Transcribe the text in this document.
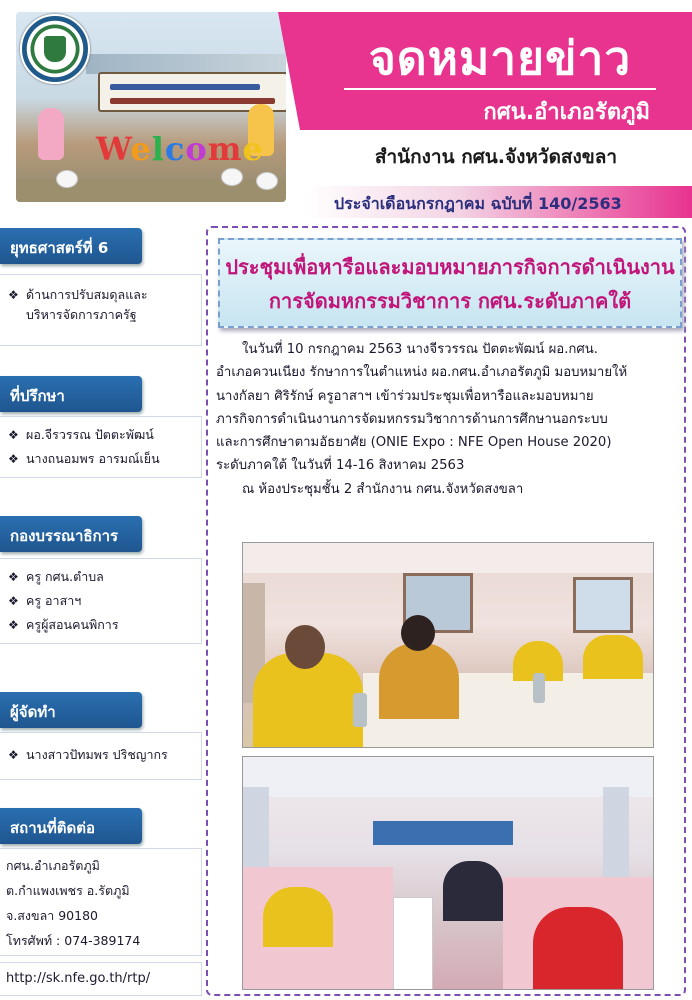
Welcome
จดหมายข่าว
กศน.อำเภอรัตภูมิ
สำนักงาน กศน.จังหวัดสงขลา
ประจำเดือนกรกฎาคม ฉบับที่ 140/2563
ยุทธศาสตร์ที่ 6
❖ ด้านการปรับสมดุลและบริหารจัดการภาครัฐ
ที่ปรึกษา
❖ ผอ.จีรวรรณ ปัตตะพัฒน์
❖ นางถนอมพร อารมณ์เย็น
กองบรรณาธิการ
❖ ครู กศน.ตำบล
❖ ครู อาสาฯ
❖ ครูผู้สอนคนพิการ
ผู้จัดทำ
❖ นางสาวปัทมพร ปริชญากร
สถานที่ติดต่อ
กศน.อำเภอรัตภูมิ
ต.กำแพงเพชร อ.รัตภูมิ
จ.สงขลา 90180
โทรศัพท์ : 074-389174
http://sk.nfe.go.th/rtp/
ประชุมเพื่อหารือและมอบหมายภารกิจการดำเนินงาน
การจัดมหกรรมวิชาการ กศน.ระดับภาคใต้

ในวันที่ 10 กรกฎาคม 2563 นางจีรวรรณ ปัตตะพัฒน์ ผอ.กศน.

อำเภอควนเนียง รักษาการในตำแหน่ง ผอ.กศน.อำเภอรัตภูมิ มอบหมายให้

นางกัลยา ศิริรักษ์ ครูอาสาฯ เข้าร่วมประชุมเพื่อหารือและมอบหมาย

ภารกิจการดำเนินงานการจัดมหกรรมวิชาการด้านการศึกษานอกระบบ

และการศึกษาตามอัธยาศัย (ONIE Expo : NFE Open House 2020)

ระดับภาคใต้ ในวันที่ 14-16 สิงหาคม 2563

ณ ห้องประชุมชั้น 2 สำนักงาน กศน.จังหวัดสงขลา
